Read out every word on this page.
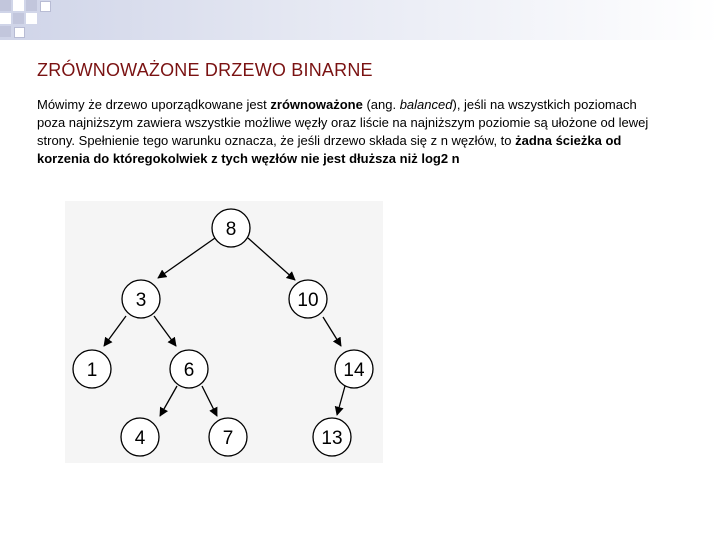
ZRÓWNOWAŻONE DRZEWO BINARNE

Mówimy że drzewo uporządkowane jest zrównoważone (ang. balanced), jeśli na wszystkich poziomach poza najniższym zawiera wszystkie możliwe węzły oraz liście na najniższym poziomie są ułożone od lewej strony. Spełnienie tego warunku oznacza, że jeśli drzewo składa się z n węzłów, to żadna ścieżka od korzenia do któregokolwiek z tych węzłów nie jest dłuższa niż log2 n

8
3	10
1	6	14
4	7	13
